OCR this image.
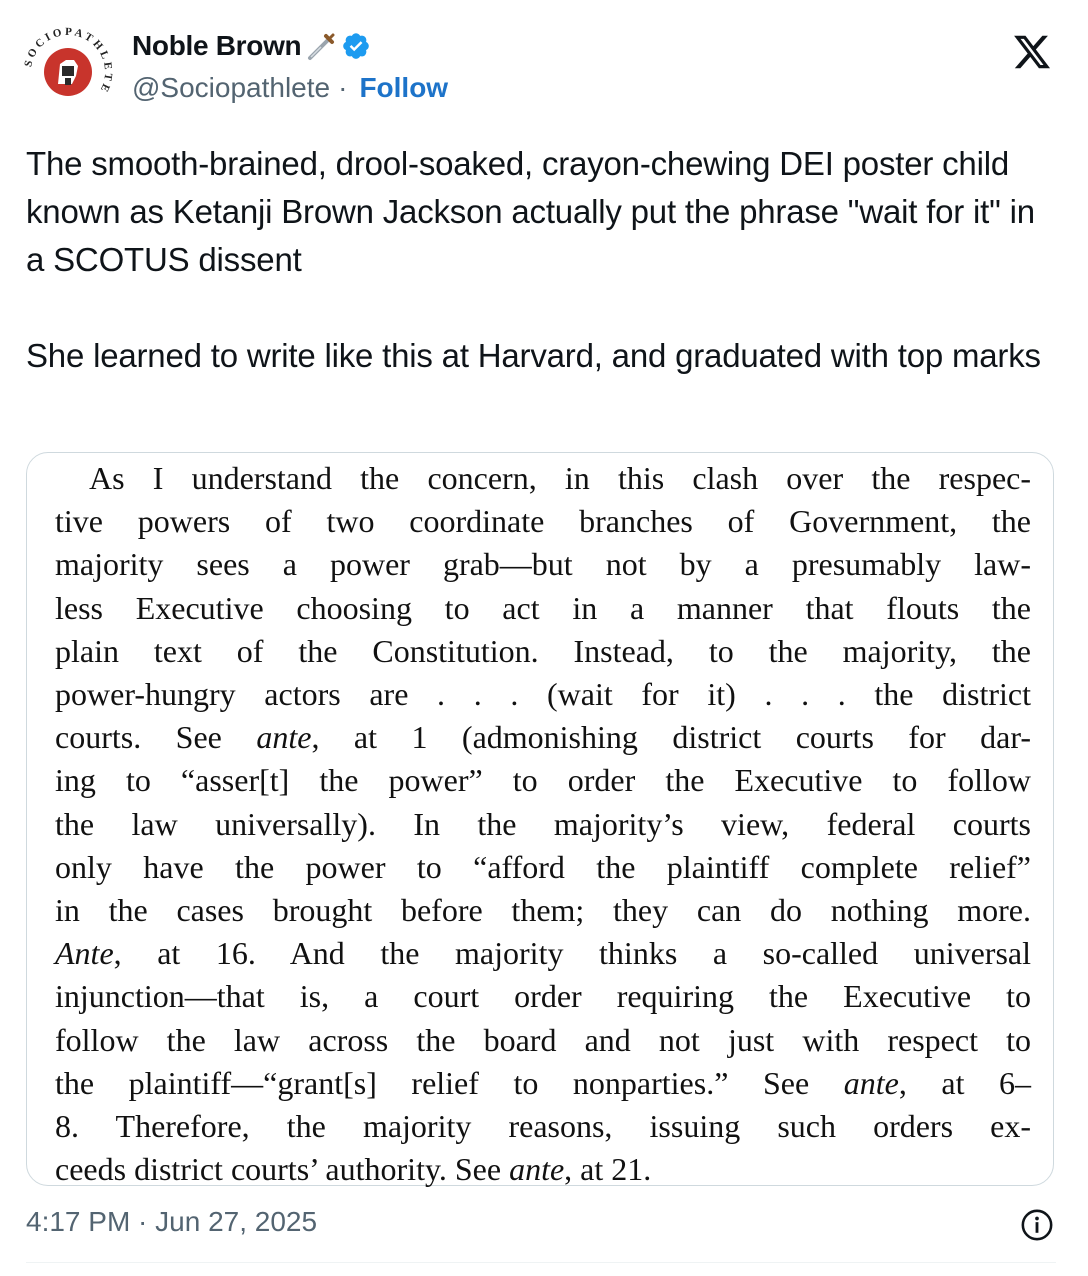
SOCIOPATHLETE
Noble Brown
@Sociopathlete · Follow
The smooth-brained, drool-soaked, crayon-chewing DEI poster child known as Ketanji Brown Jackson actually put the phrase "wait for it" in a SCOTUS dissent

She learned to write like this at Harvard, and graduated with top marks
As I understand the concern, in this clash over the respec-
tive powers of two coordinate branches of Government, the
majority sees a power grab—but not by a presumably law-
less Executive choosing to act in a manner that flouts the
plain text of the Constitution. Instead, to the majority, the
power-hungry actors are . . . (wait for it) . . . the district
courts. See ante, at 1 (admonishing district courts for dar-
ing to “asser[t] the power” to order the Executive to follow
the law universally). In the majority’s view, federal courts
only have the power to “afford the plaintiff complete relief”
in the cases brought before them; they can do nothing more.
Ante, at 16. And the majority thinks a so-called universal
injunction—that is, a court order requiring the Executive to
follow the law across the board and not just with respect to
the plaintiff—“grant[s] relief to nonparties.” See ante, at 6–
8. Therefore, the majority reasons, issuing such orders ex-
ceeds district courts’ authority. See ante, at 21.
4:17 PM · Jun 27, 2025
